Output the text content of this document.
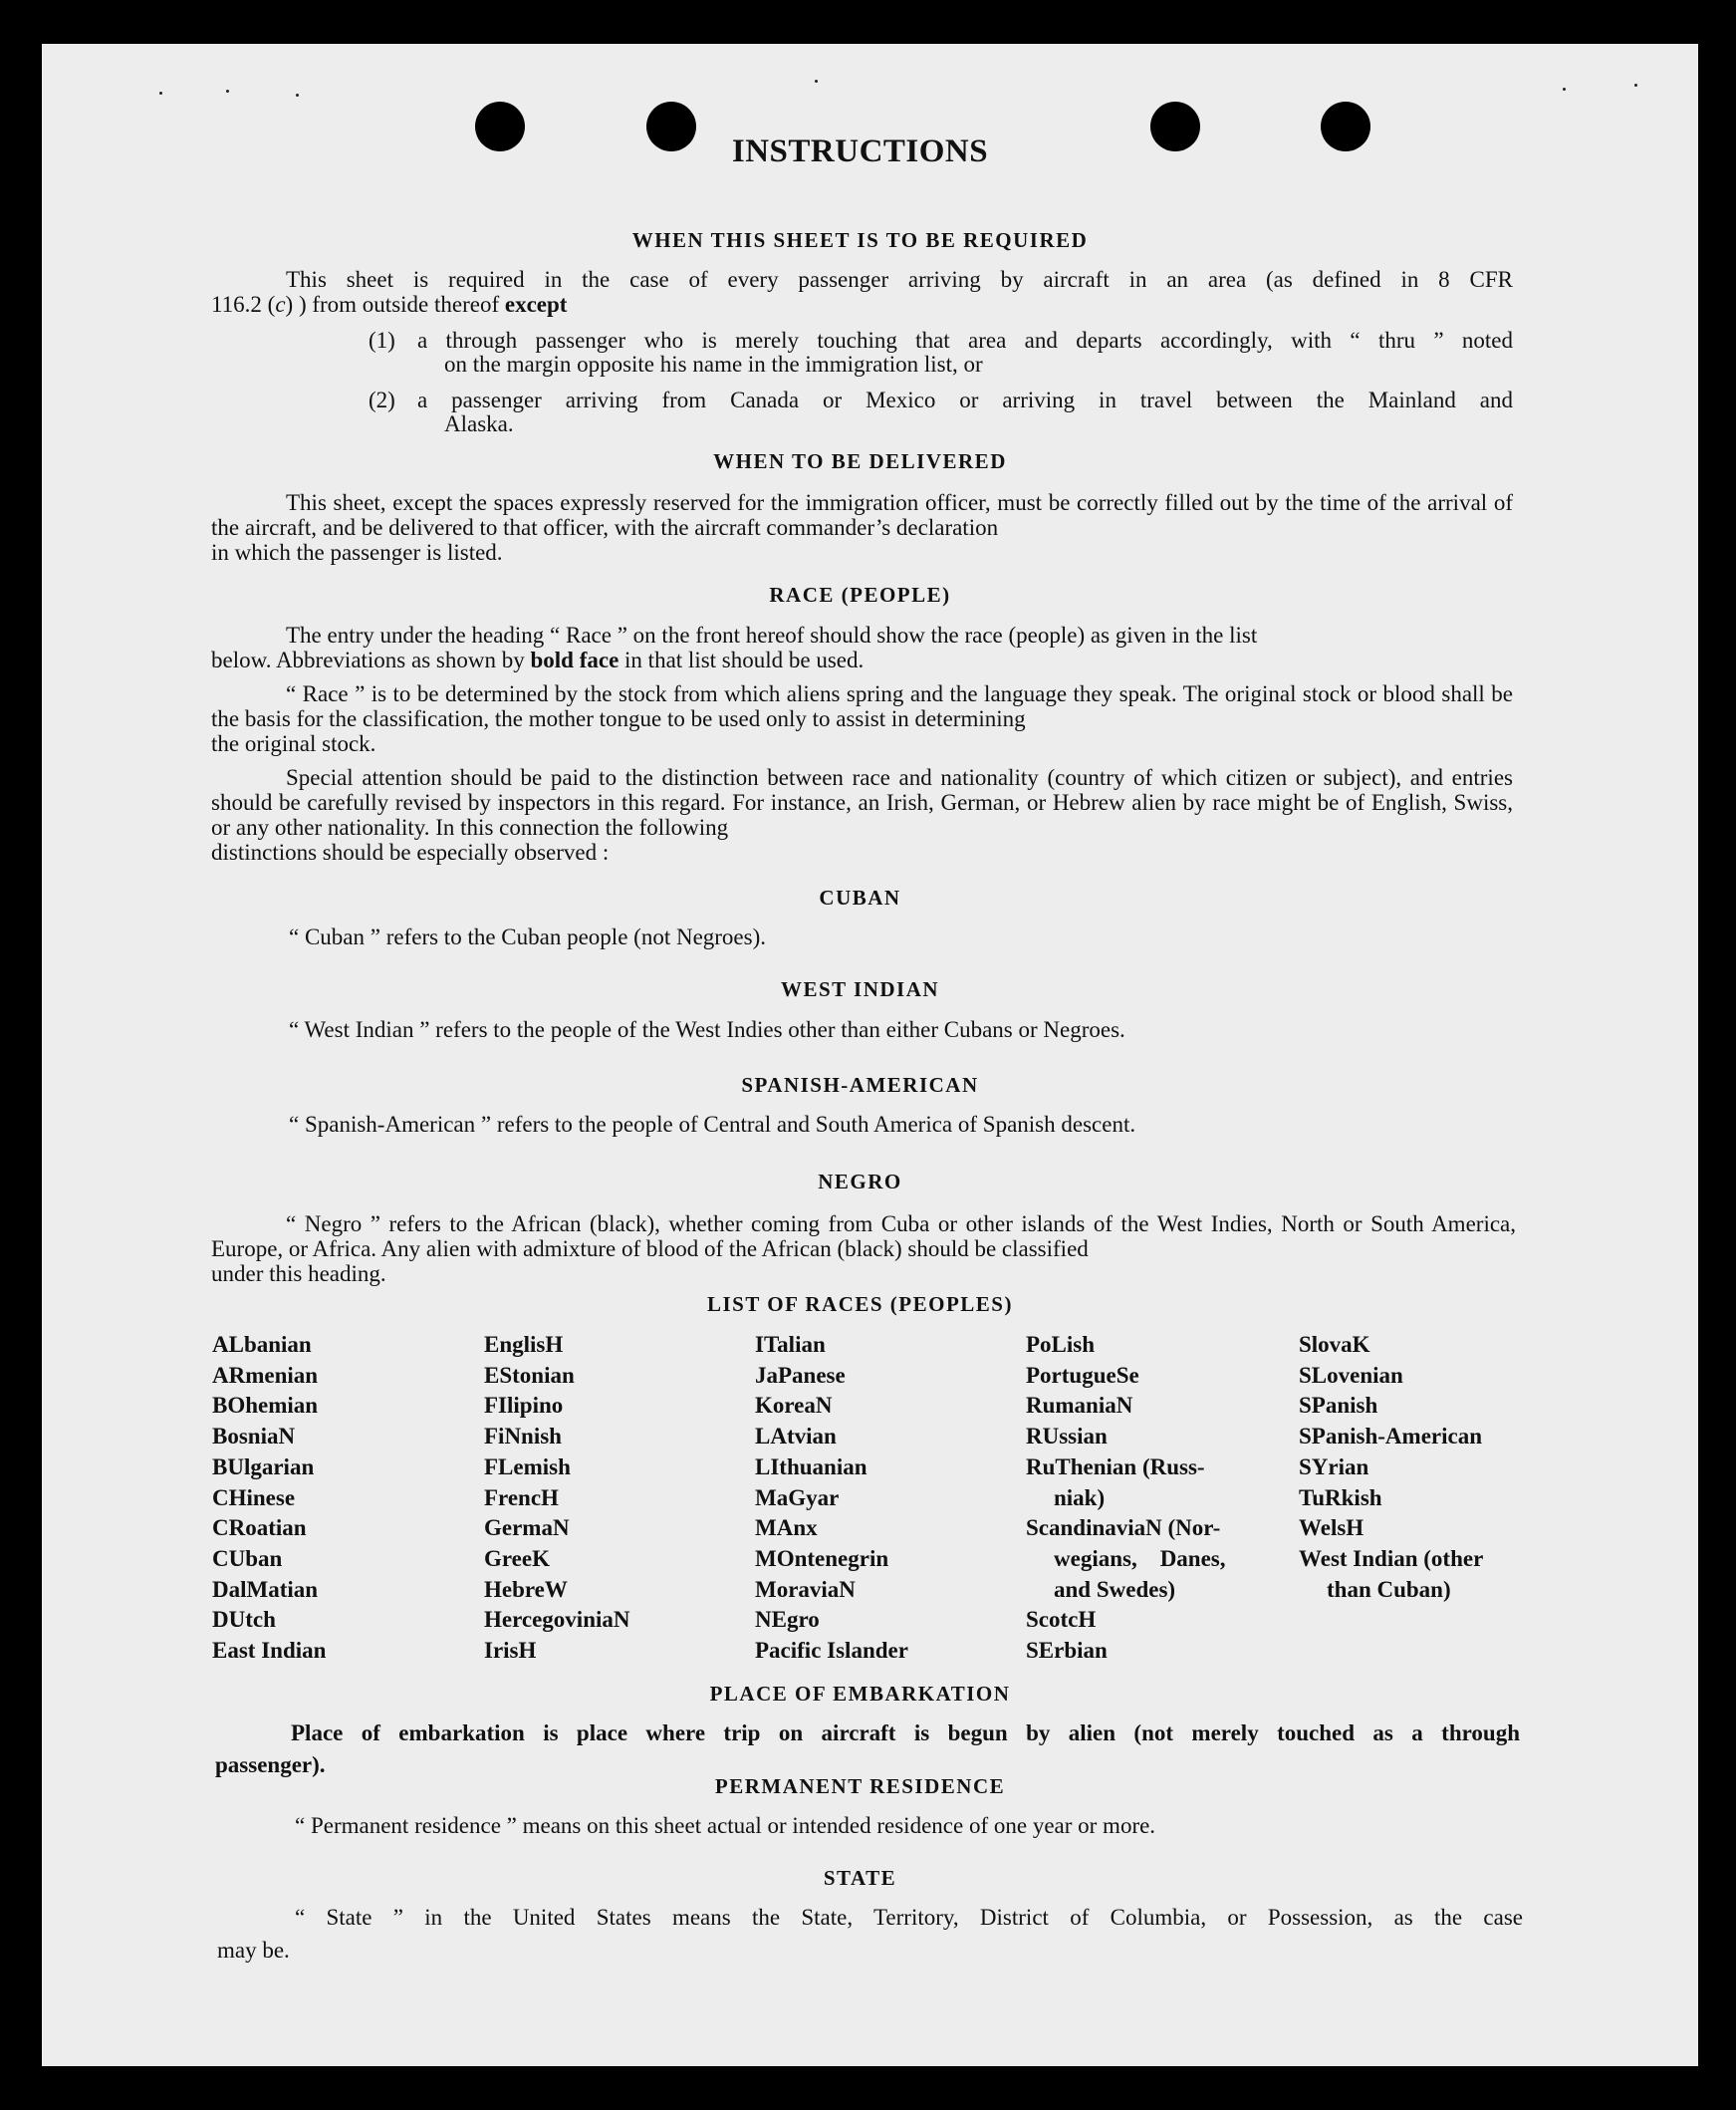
INSTRUCTIONS
WHEN THIS SHEET IS TO BE REQUIRED
This sheet is required in the case of every passenger arriving by aircraft in an area (as defined in 8 CFR
116.2 (c) ) from outside thereof except
(1) a through passenger who is merely touching that area and departs accordingly, with “ thru ” noted
on the margin opposite his name in the immigration list, or
(2) a passenger arriving from Canada or Mexico or arriving in travel between the Mainland and
Alaska.
WHEN TO BE DELIVERED
This sheet, except the spaces expressly reserved for the immigration officer, must be correctly filled out by the time of the arrival of the aircraft, and be delivered to that officer, with the aircraft commander’s declaration
in which the passenger is listed.
RACE (PEOPLE)
The entry under the heading “ Race ” on the front hereof should show the race (people) as given in the list
below. Abbreviations as shown by bold face in that list should be used.
“ Race ” is to be determined by the stock from which aliens spring and the language they speak. The original stock or blood shall be the basis for the classification, the mother tongue to be used only to assist in determining
the original stock.
Special attention should be paid to the distinction between race and nationality (country of which citizen or subject), and entries should be carefully revised by inspectors in this regard. For instance, an Irish, German, or Hebrew alien by race might be of English, Swiss, or any other nationality. In this connection the following
distinctions should be especially observed :
CUBAN
“ Cuban ” refers to the Cuban people (not Negroes).
WEST INDIAN
“ West Indian ” refers to the people of the West Indies other than either Cubans or Negroes.
SPANISH-AMERICAN
“ Spanish-American ” refers to the people of Central and South America of Spanish descent.
NEGRO
“ Negro ” refers to the African (black), whether coming from Cuba or other islands of the West Indies, North or South America, Europe, or Africa. Any alien with admixture of blood of the African (black) should be classified
under this heading.
LIST OF RACES (PEOPLES)
ALbanian
ARmenian
BOhemian
BosniaN
BUlgarian
CHinese
CRoatian
CUban
DalMatian
DUtch
East Indian
EnglisH
EStonian
FIlipino
FiNnish
FLemish
FrencH
GermaN
GreeK
HebreW
HercegoviniaN
IrisH
ITalian
JaPanese
KoreaN
LAtvian
LIthuanian
MaGyar
MAnx
MOntenegrin
MoraviaN
NEgro
Pacific Islander
PoLish
PortugueSe
RumaniaN
RUssian
RuThenian (Russ-
niak)
ScandinaviaN (Nor-
wegians,    Danes,
and Swedes)
ScotcH
SErbian
SlovaK
SLovenian
SPanish
SPanish-American
SYrian
TuRkish
WelsH
West Indian (other
than Cuban)
PLACE OF EMBARKATION
Place of embarkation is place where trip on aircraft is begun by alien (not merely touched as a through
passenger).
PERMANENT RESIDENCE
“ Permanent residence ” means on this sheet actual or intended residence of one year or more.
STATE
“ State ” in the United States means the State, Territory, District of Columbia, or Possession, as the case
may be.
